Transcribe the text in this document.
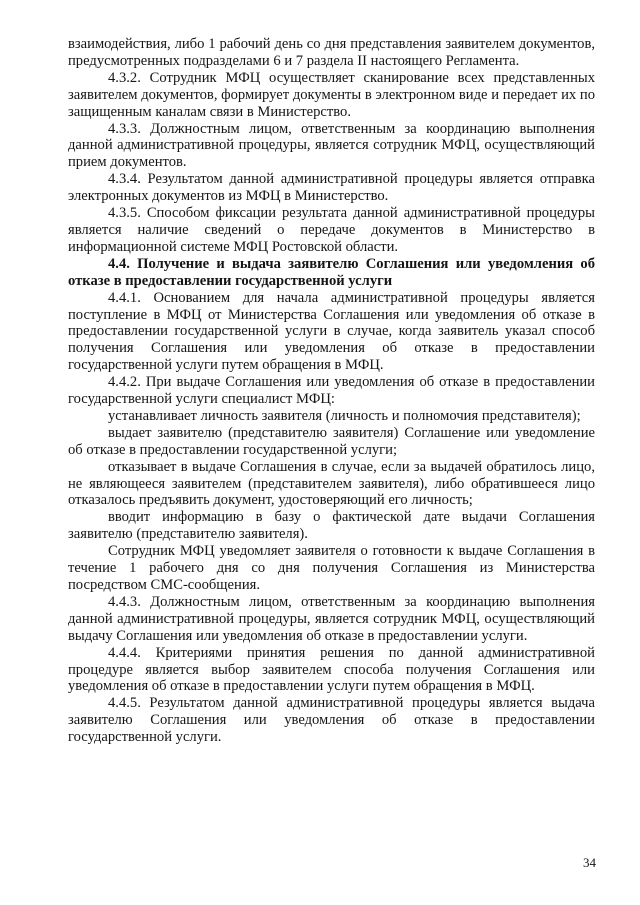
взаимодействия, либо 1 рабочий день со дня представления заявителем документов, предусмотренных подразделами 6 и 7 раздела II настоящего Регламента.

4.3.2. Сотрудник МФЦ осуществляет сканирование всех представленных заявителем документов, формирует документы в электронном виде и передает их по защищенным каналам связи в Министерство.

4.3.3. Должностным лицом, ответственным за координацию выполнения данной административной процедуры, является сотрудник МФЦ, осуществляющий прием документов.

4.3.4. Результатом данной административной процедуры является отправка электронных документов из МФЦ в Министерство.

4.3.5. Способом фиксации результата данной административной процедуры является наличие сведений о передаче документов в Министерство в информационной системе МФЦ Ростовской области.

4.4. Получение и выдача заявителю Соглашения или уведомления об отказе в предоставлении государственной услуги

4.4.1. Основанием для начала административной процедуры является поступление в МФЦ от Министерства Соглашения или уведомления об отказе в предоставлении государственной услуги в случае, когда заявитель указал способ получения Соглашения или уведомления об отказе в предоставлении государственной услуги путем обращения в МФЦ.

4.4.2. При выдаче Соглашения или уведомления об отказе в предоставлении государственной услуги специалист МФЦ:

устанавливает личность заявителя (личность и полномочия представителя);

выдает заявителю (представителю заявителя) Соглашение или уведомление об отказе в предоставлении государственной услуги;

отказывает в выдаче Соглашения в случае, если за выдачей обратилось лицо, не являющееся заявителем (представителем заявителя), либо обратившееся лицо отказалось предъявить документ, удостоверяющий его личность;

вводит информацию в базу о фактической дате выдачи Соглашения заявителю (представителю заявителя).

Сотрудник МФЦ уведомляет заявителя о готовности к выдаче Соглашения в течение 1 рабочего дня со дня получения Соглашения из Министерства посредством СМС-сообщения.

4.4.3. Должностным лицом, ответственным за координацию выполнения данной административной процедуры, является сотрудник МФЦ, осуществляющий выдачу Соглашения или уведомления об отказе в предоставлении услуги.

4.4.4. Критериями принятия решения по данной административной процедуре является выбор заявителем способа получения Соглашения или уведомления об отказе в предоставлении услуги путем обращения в МФЦ.

4.4.5. Результатом данной административной процедуры является выдача заявителю Соглашения или уведомления об отказе в предоставлении государственной услуги.

34
